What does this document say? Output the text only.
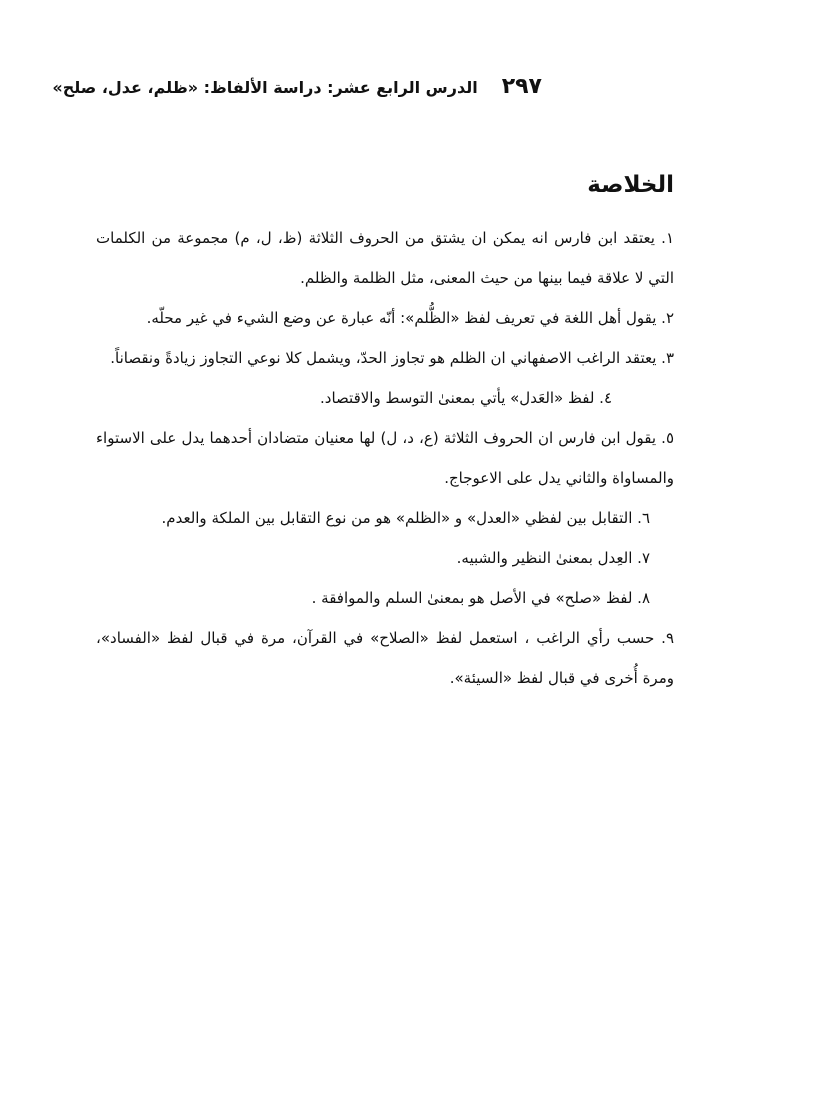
٢٩٧
الدرس الرابع عشر: دراسة الألفاظ: «ظلم، عدل، صلح»
الخلاصة
١. يعتقد ابن فارس انه يمكن ان يشتق من الحروف الثلاثة (ظ، ل، م) مجموعة من الكلمات التي لا علاقة فيما بينها من حيث المعنى، مثل الظلمة والظلم.
٢. يقول أهل اللغة في تعريف لفظ «الظُّلم»: أنّه عبارة عن وضع الشيء في غير محلّه.
٣. يعتقد الراغب الاصفهاني ان الظلم هو تجاوز الحدّ، ويشمل كلا نوعي التجاوز زيادةً ونقصاناً.
٤. لفظ «العَدل» يأتي بمعنىٰ التوسط والاقتصاد.
٥. يقول ابن فارس ان الحروف الثلاثة (ع، د، ل) لها معنيان متضادان أحدهما يدل على الاستواء والمساواة والثاني يدل على الاعوجاج.
٦. التقابل بين لفظي «العدل» و «الظلم» هو من نوع التقابل بين الملكة والعدم.
٧. العِدل بمعنىٰ النظير والشبيه.
٨. لفظ «صلح» في الأصل هو بمعنىٰ السلم والموافقة .
٩. حسب رأي الراغب ، استعمل لفظ «الصلاح» في القرآن، مرة في قبال لفظ «الفساد»، ومرة أُخرى في قبال لفظ «السيئة».
